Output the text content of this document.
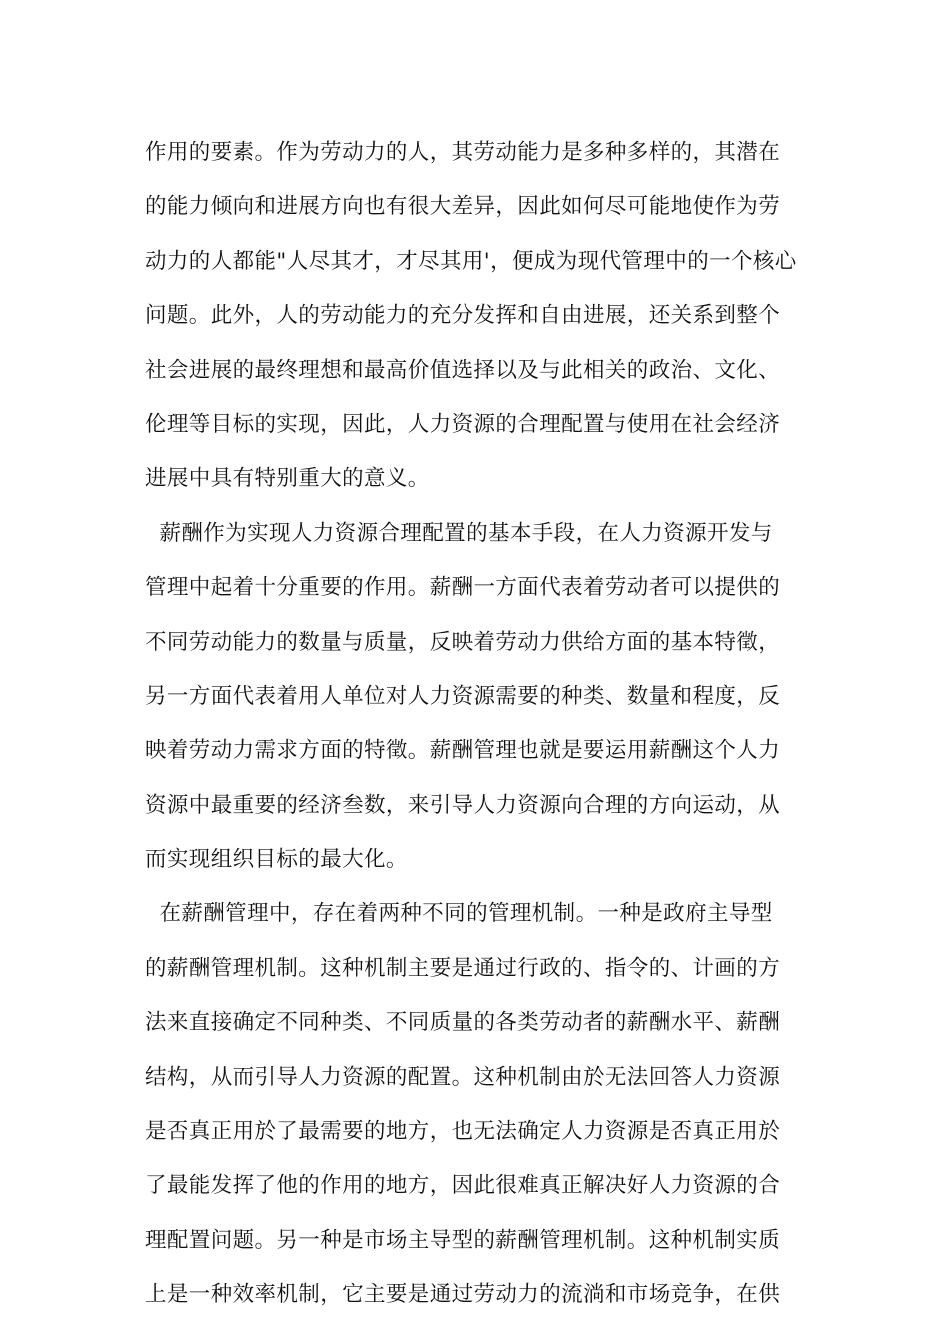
作用的要素。作为劳动力的人，其劳动能力是多种多样的，其潜在
的能力倾向和进展方向也有很大差异，因此如何尽可能地使作为劳
动力的人都能"人尽其才，才尽其用'，便成为现代管理中的一个核心
问题。此外，人的劳动能力的充分发挥和自由进展，还关系到整个
社会进展的最终理想和最高价值选择以及与此相关的政治、文化、
伦理等目标的实现，因此，人力资源的合理配置与使用在社会经济
进展中具有特别重大的意义。
薪酬作为实现人力资源合理配置的基本手段，在人力资源开发与
管理中起着十分重要的作用。薪酬一方面代表着劳动者可以提供的
不同劳动能力的数量与质量，反映着劳动力供给方面的基本特徵，
另一方面代表着用人单位对人力资源需要的种类、数量和程度，反
映着劳动力需求方面的特徵。薪酬管理也就是要运用薪酬这个人力
资源中最重要的经济叁数，来引导人力资源向合理的方向运动，从
而实现组织目标的最大化。
在薪酬管理中，存在着两种不同的管理机制。一种是政府主导型
的薪酬管理机制。这种机制主要是通过行政的、指令的、计画的方
法来直接确定不同种类、不同质量的各类劳动者的薪酬水平、薪酬
结构，从而引导人力资源的配置。这种机制由於无法回答人力资源
是否真正用於了最需要的地方，也无法确定人力资源是否真正用於
了最能发挥了他的作用的地方，因此很难真正解决好人力资源的合
理配置问题。另一种是市场主导型的薪酬管理机制。这种机制实质
上是一种效率机制，它主要是通过劳动力的流淌和市场竞争，在供
